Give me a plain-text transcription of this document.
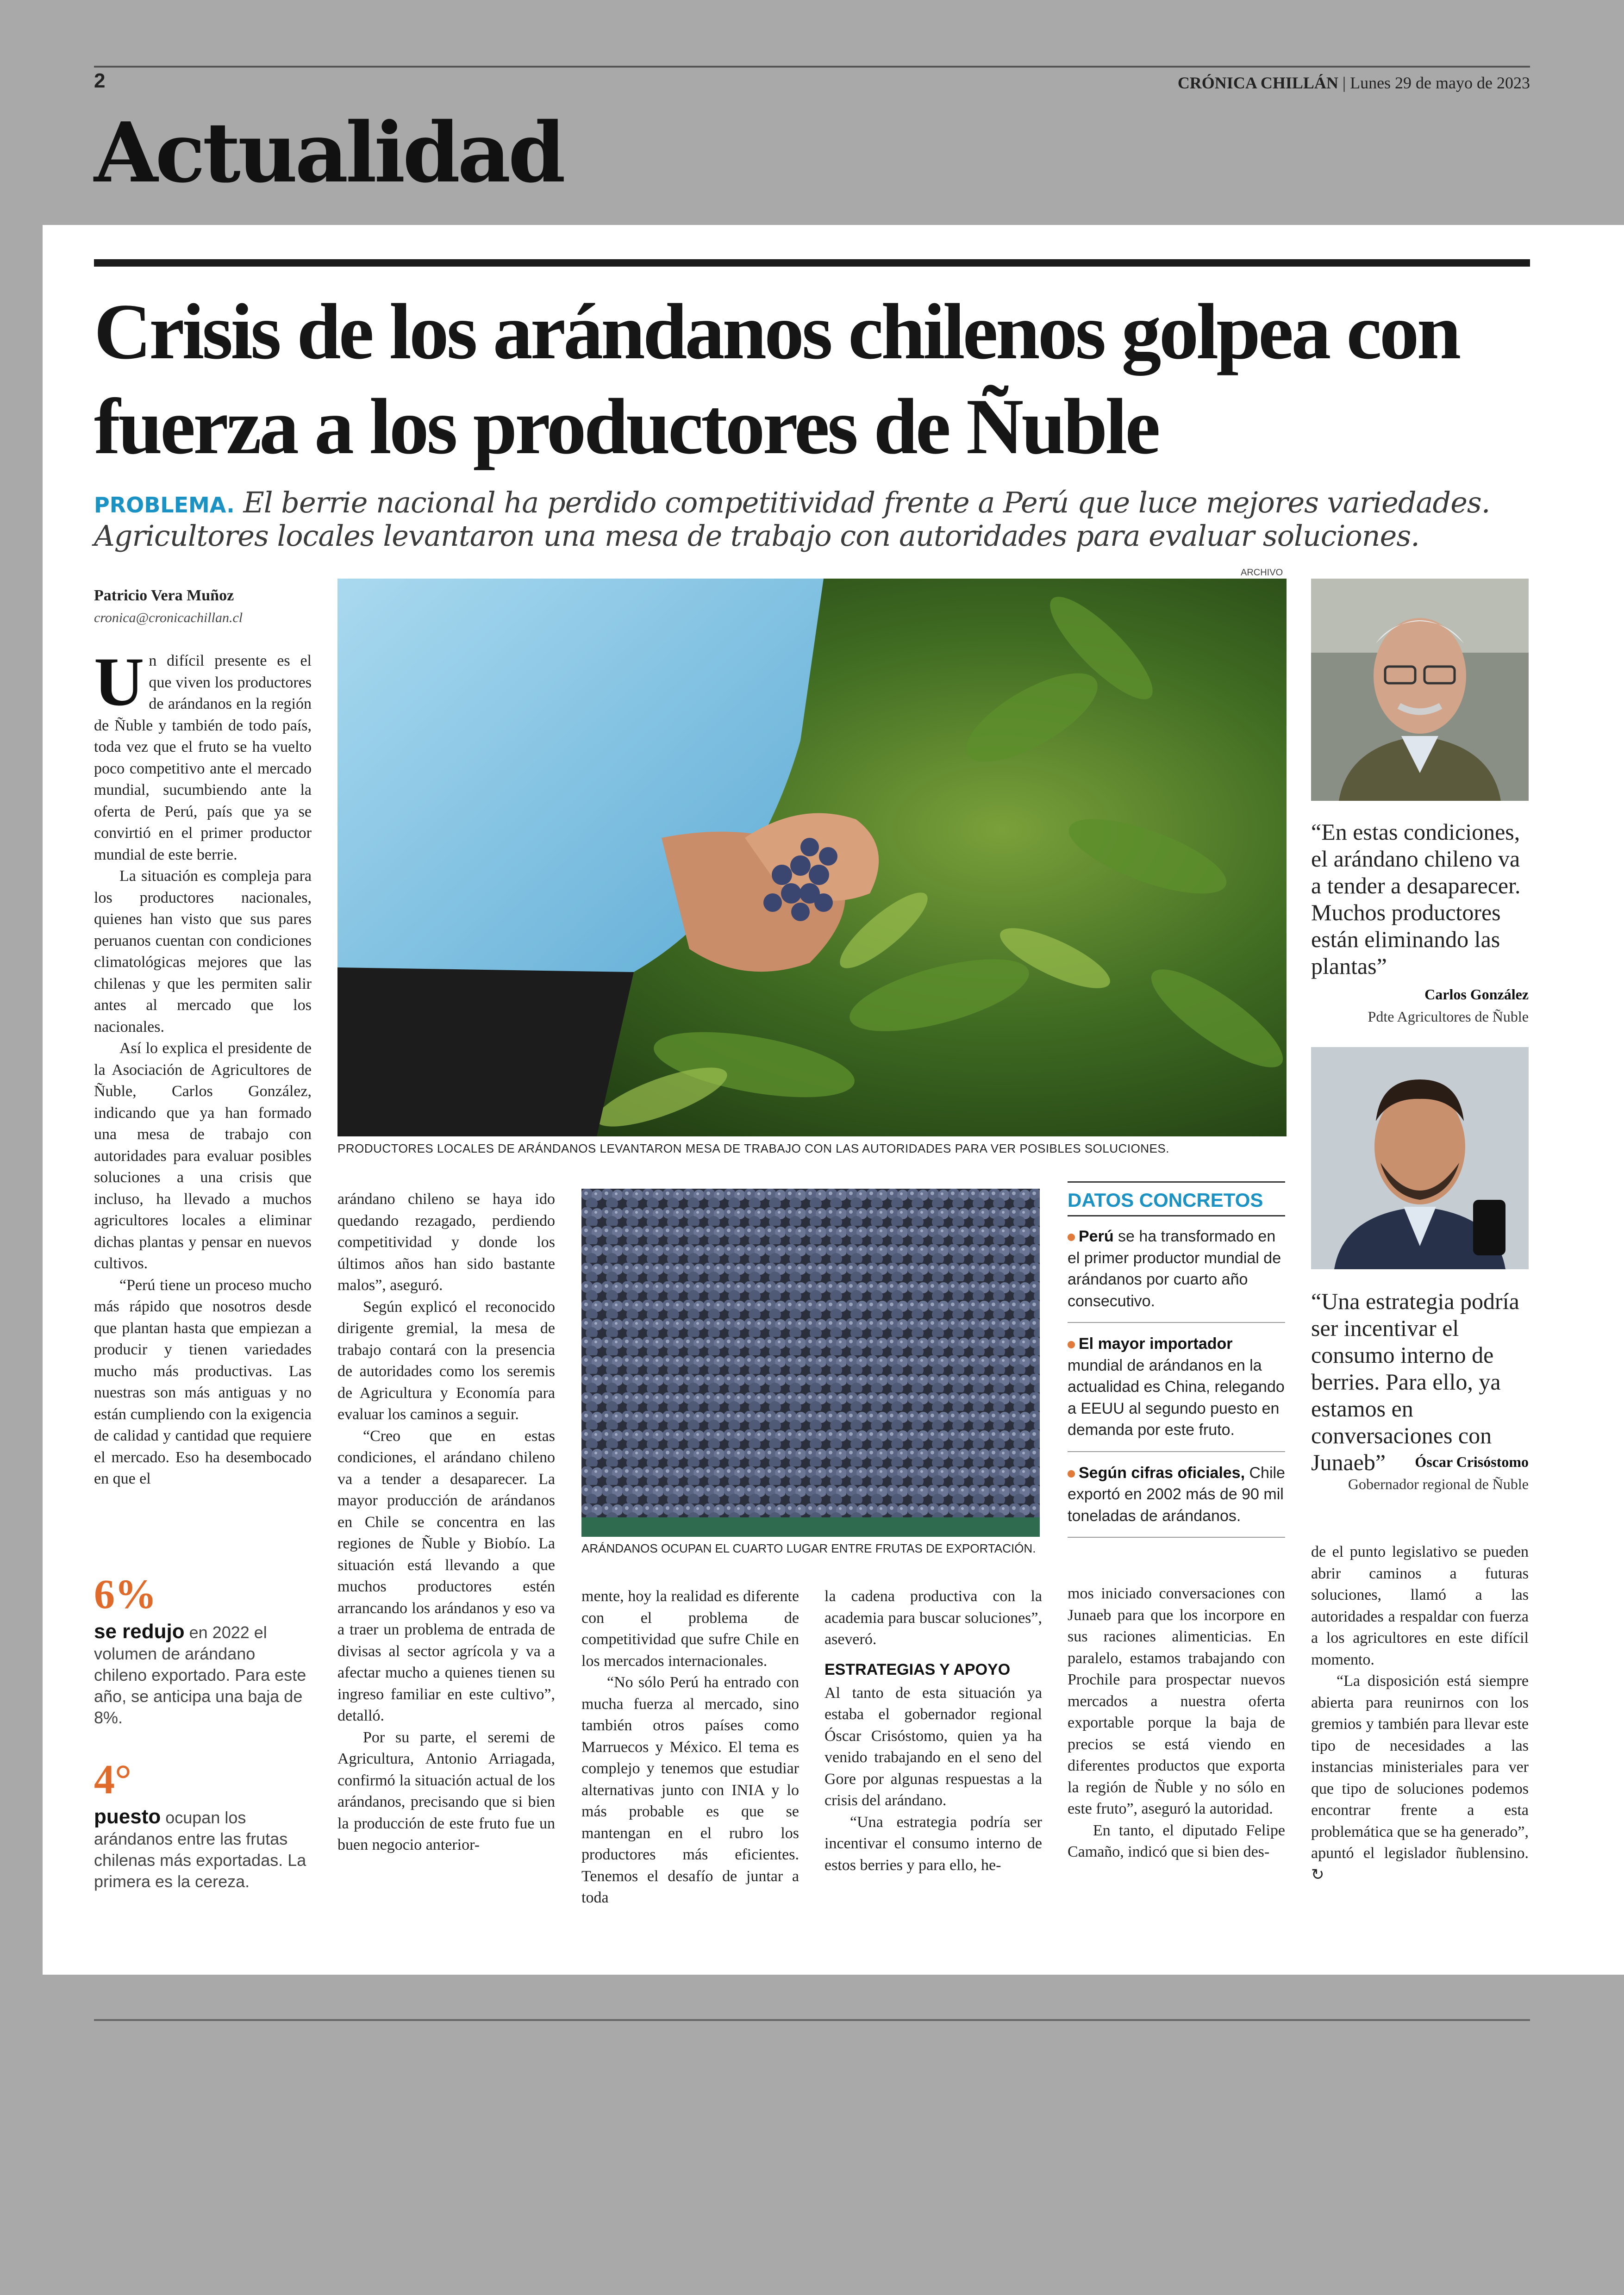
2	CRÓNICA CHILLÁN | Lunes 29 de mayo de 2023
Actualidad
Crisis de los arándanos chilenos golpea con fuerza a los productores de Ñuble
PROBLEMA. El berrie nacional ha perdido competitividad frente a Perú que luce mejores variedades. Agricultores locales levantaron una mesa de trabajo con autoridades para evaluar soluciones.
Patricio Vera Muñoz
cronica@cronicachillan.cl

Un difícil presente es el que viven los productores de arándanos en la región de Ñuble y también de todo país, toda vez que el fruto se ha vuelto poco competitivo ante el mercado mundial, sucumbiendo ante la oferta de Perú, país que ya se convirtió en el primer productor mundial de este berrie.

La situación es compleja para los productores nacionales, quienes han visto que sus pares peruanos cuentan con condiciones climatológicas mejores que las chilenas y que les permiten salir antes al mercado que los nacionales.

Así lo explica el presidente de la Asociación de Agricultores de Ñuble, Carlos González, indicando que ya han formado una mesa de trabajo con autoridades para evaluar posibles soluciones a una crisis que incluso, ha llevado a muchos agricultores locales a eliminar dichas plantas y pensar en nuevos cultivos.

“Perú tiene un proceso mucho más rápido que nosotros desde que plantan hasta que empiezan a producir y tienen variedades mucho más productivas. Las nuestras son más antiguas y no están cumpliendo con la exigencia de calidad y cantidad que requiere el mercado. Eso ha desembocado en que el

ARCHIVO
PRODUCTORES LOCALES DE ARÁNDANOS LEVANTARON MESA DE TRABAJO CON LAS AUTORIDADES PARA VER POSIBLES SOLUCIONES.

arándano chileno se haya ido quedando rezagado, perdiendo competitividad y donde los últimos años han sido bastante malos”, aseguró.

Según explicó el reconocido dirigente gremial, la mesa de trabajo contará con la presencia de autoridades como los seremis de Agricultura y Economía para evaluar los caminos a seguir.

“Creo que en estas condiciones, el arándano chileno va a tender a desaparecer. La mayor producción de arándanos en Chile se concentra en las regiones de Ñuble y Biobío. La situación está llevando a que muchos productores estén arrancando los arándanos y eso va a traer un problema de entrada de divisas al sector agrícola y va a afectar mucho a quienes tienen su ingreso familiar en este cultivo”, detalló.

Por su parte, el seremi de Agricultura, Antonio Arriagada, confirmó la situación actual de los arándanos, precisando que si bien la producción de este fruto fue un buen negocio anterior-

ARÁNDANOS OCUPAN EL CUARTO LUGAR ENTRE FRUTAS DE EXPORTACIÓN.

mente, hoy la realidad es diferente con el problema de competitividad que sufre Chile en los mercados internacionales.

“No sólo Perú ha entrado con mucha fuerza al mercado, sino también otros países como Marruecos y México. El tema es complejo y tenemos que estudiar alternativas junto con INIA y lo más probable es que se mantengan en el rubro los productores más eficientes. Tenemos el desafío de juntar a toda

la cadena productiva con la academia para buscar soluciones”, aseveró.

ESTRATEGIAS Y APOYO

Al tanto de esta situación ya estaba el gobernador regional Óscar Crisóstomo, quien ya ha venido trabajando en el seno del Gore por algunas respuestas a la crisis del arándano.

“Una estrategia podría ser incentivar el consumo interno de estos berries y para ello, he-

DATOS CONCRETOS
Perú se ha transformado en el primer productor mundial de arándanos por cuarto año consecutivo.
El mayor importador mundial de arándanos en la actualidad es China, relegando a EEUU al segundo puesto en demanda por este fruto.
Según cifras oficiales, Chile exportó en 2002 más de 90 mil toneladas de arándanos.

mos iniciado conversaciones con Junaeb para que los incorpore en sus raciones alimenticias. En paralelo, estamos trabajando con Prochile para prospectar nuevos mercados a nuestra oferta exportable porque la baja de precios se está viendo en diferentes productos que exporta la región de Ñuble y no sólo en este fruto”, aseguró la autoridad.

En tanto, el diputado Felipe Camaño, indicó que si bien des-

de el punto legislativo se pueden abrir caminos a futuras soluciones, llamó a las autoridades a respaldar con fuerza a los agricultores en este difícil momento.

“La disposición está siempre abierta para reunirnos con los gremios y también para llevar este tipo de necesidades a las instancias ministeriales para ver que tipo de soluciones podemos encontrar frente a esta problemática que se ha generado”, apuntó el legislador ñublensino. ↻

6%
se redujo en 2022 el volumen de arándano chileno exportado. Para este año, se anticipa una baja de 8%.
4°
puesto ocupan los arándanos entre las frutas chilenas más exportadas. La primera es la cereza.
“En estas condiciones, el arándano chileno va a tender a desaparecer. Muchos productores están eliminando las plantas”
Carlos González
Pdte Agricultores de Ñuble
“Una estrategia podría ser incentivar el consumo interno de berries. Para ello, ya estamos en conversaciones con Junaeb”	Óscar Crisóstomo
Gobernador regional de Ñuble
